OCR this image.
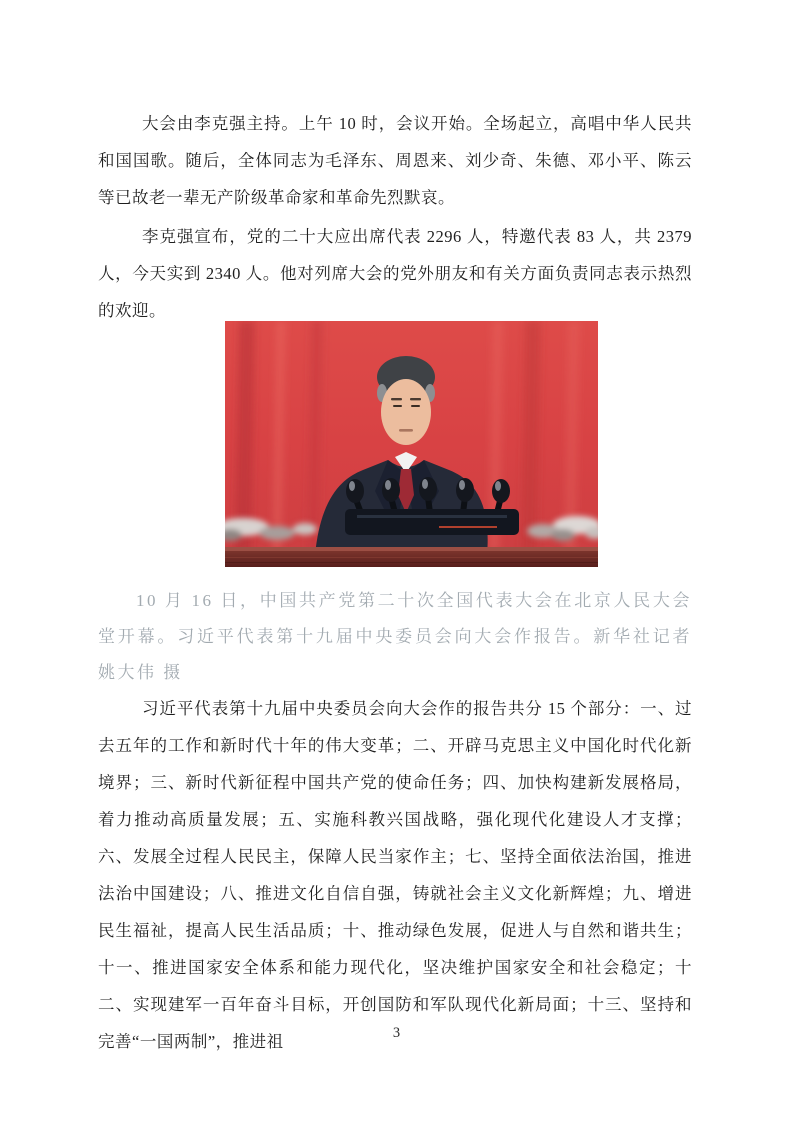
大会由李克强主持。上午 10 时，会议开始。全场起立，高唱中华人民共和国国歌。随后，全体同志为毛泽东、周恩来、刘少奇、朱德、邓小平、陈云等已故老一辈无产阶级革命家和革命先烈默哀。

李克强宣布，党的二十大应出席代表 2296 人，特邀代表 83 人，共 2379 人，今天实到 2340 人。他对列席大会的党外朋友和有关方面负责同志表示热烈的欢迎。

10 月 16 日，中国共产党第二十次全国代表大会在北京人民大会堂开幕。习近平代表第十九届中央委员会向大会作报告。新华社记者 姚大伟 摄

习近平代表第十九届中央委员会向大会作的报告共分 15 个部分：一、过去五年的工作和新时代十年的伟大变革；二、开辟马克思主义中国化时代化新境界；三、新时代新征程中国共产党的使命任务；四、加快构建新发展格局，着力推动高质量发展；五、实施科教兴国战略，强化现代化建设人才支撑；六、发展全过程人民民主，保障人民当家作主；七、坚持全面依法治国，推进法治中国建设；八、推进文化自信自强，铸就社会主义文化新辉煌；九、增进民生福祉，提高人民生活品质；十、推动绿色发展，促进人与自然和谐共生；十一、推进国家安全体系和能力现代化，坚决维护国家安全和社会稳定；十二、实现建军一百年奋斗目标，开创国防和军队现代化新局面；十三、坚持和完善“一国两制”，推进祖	3
